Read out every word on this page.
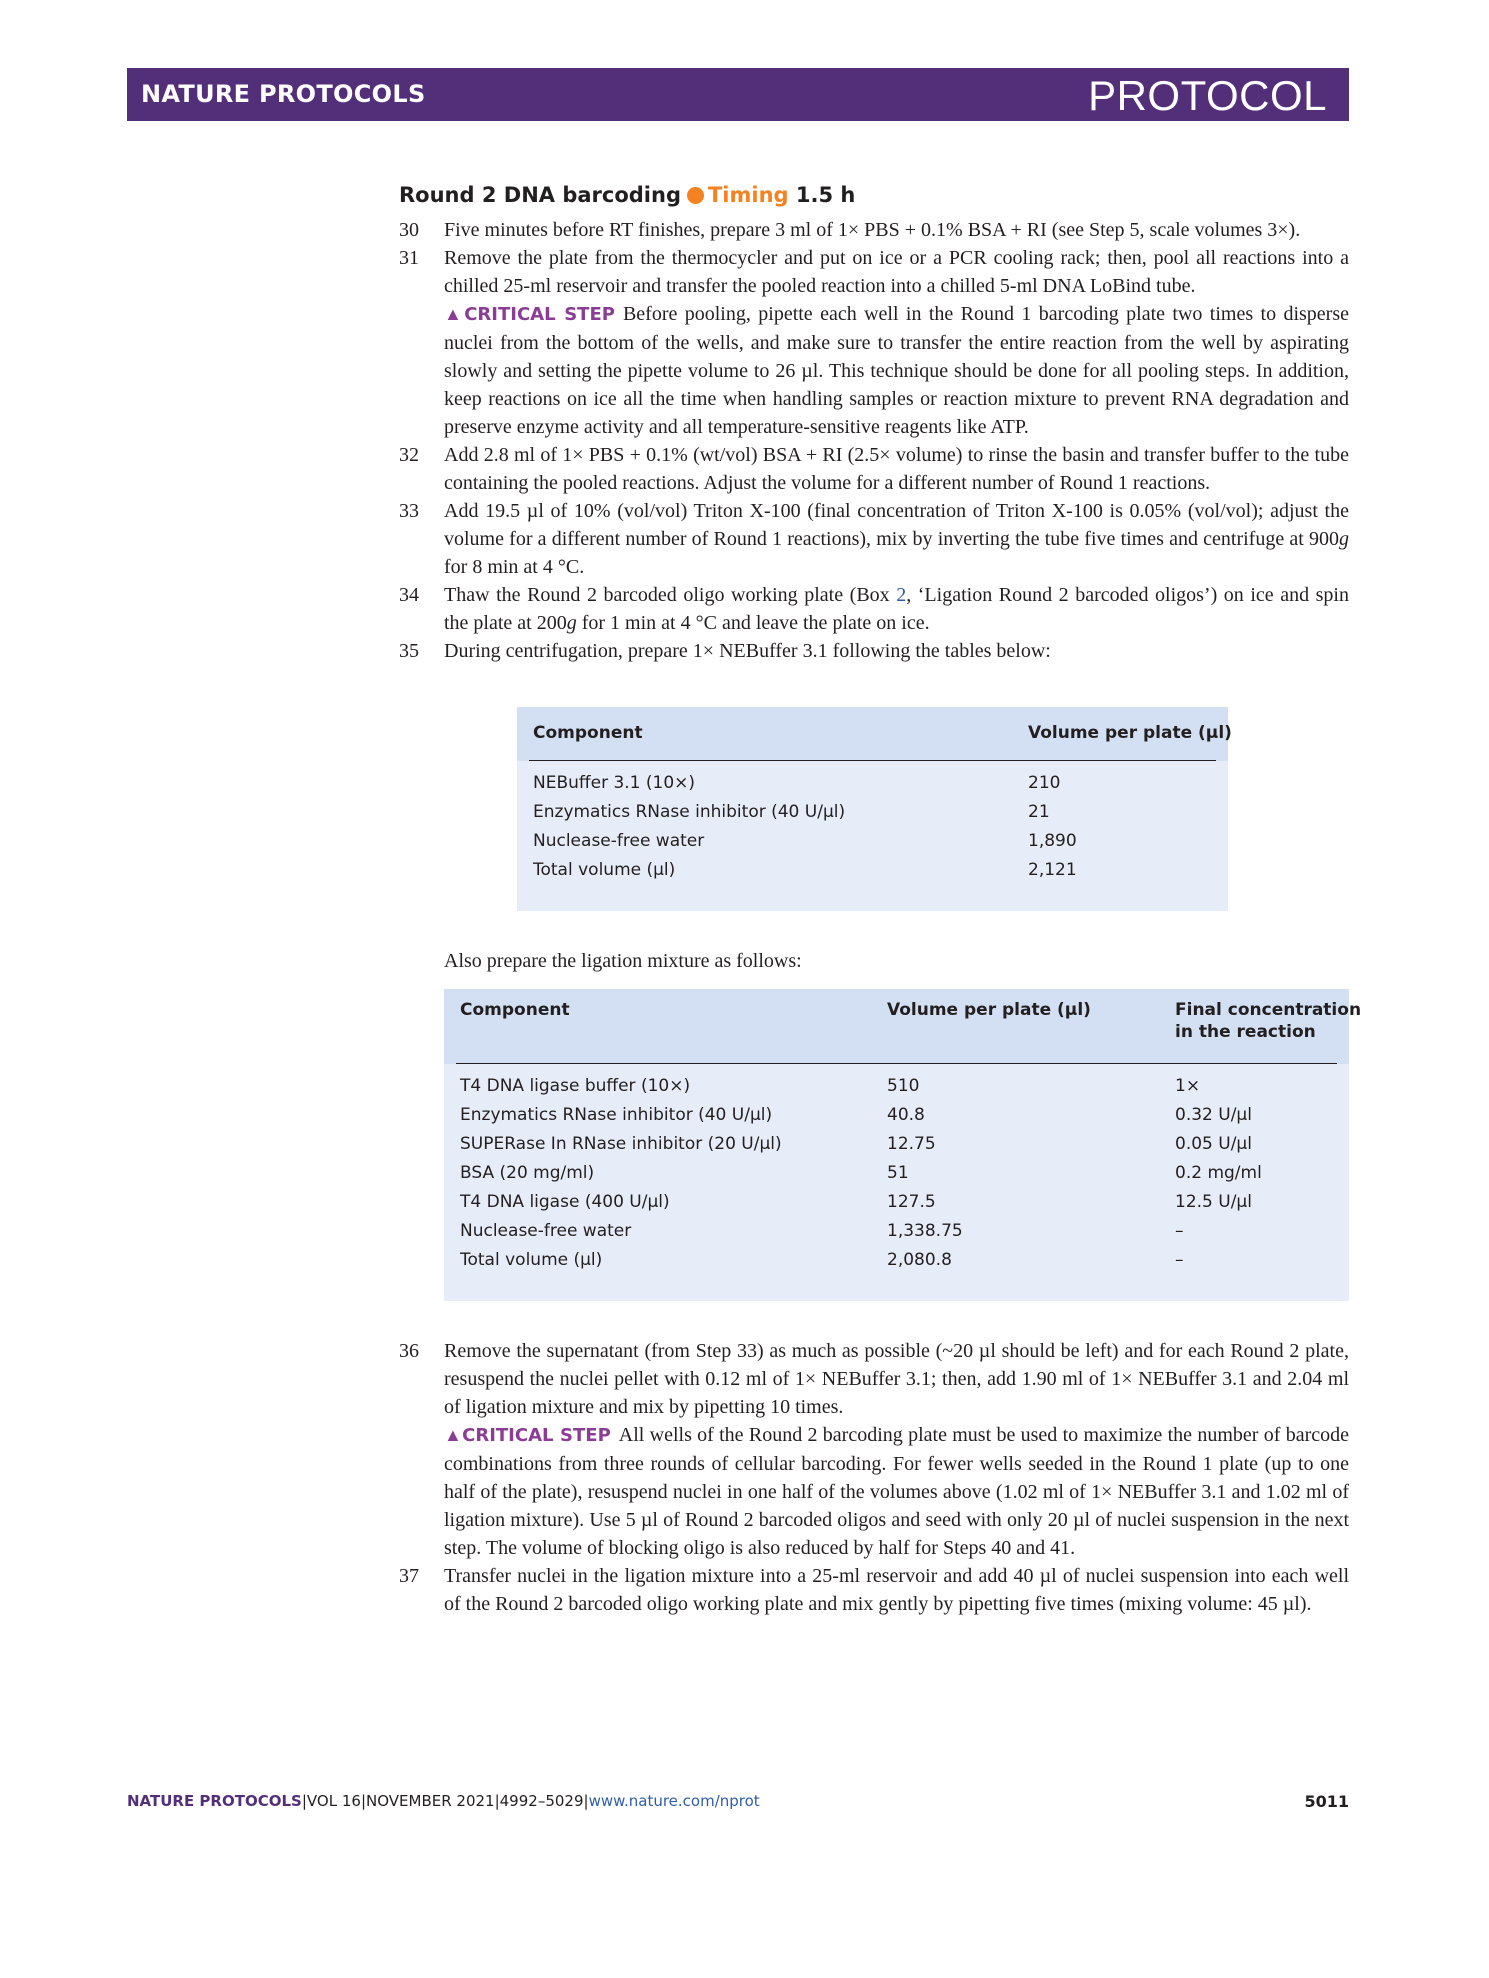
NATURE PROTOCOLS	PROTOCOL
Round 2 DNA barcoding Timing 1.5 h
30 Five minutes before RT finishes, prepare 3 ml of 1× PBS + 0.1% BSA + RI (see Step 5, scale volumes 3×).

31 Remove the plate from the thermocycler and put on ice or a PCR cooling rack; then, pool all reactions into a chilled 25-ml reservoir and transfer the pooled reaction into a chilled 5-ml DNA LoBind tube.

▲CRITICAL STEP Before pooling, pipette each well in the Round 1 barcoding plate two times to disperse nuclei from the bottom of the wells, and make sure to transfer the entire reaction from the well by aspirating slowly and setting the pipette volume to 26 µl. This technique should be done for all pooling steps. In addition, keep reactions on ice all the time when handling samples or reaction mixture to prevent RNA degradation and preserve enzyme activity and all temperature-sensitive reagents like ATP.

32 Add 2.8 ml of 1× PBS + 0.1% (wt/vol) BSA + RI (2.5× volume) to rinse the basin and transfer buffer to the tube containing the pooled reactions. Adjust the volume for a different number of Round 1 reactions.

33 Add 19.5 µl of 10% (vol/vol) Triton X-100 (final concentration of Triton X-100 is 0.05% (vol/vol); adjust the volume for a different number of Round 1 reactions), mix by inverting the tube five times and centrifuge at 900g for 8 min at 4 °C.

34 Thaw the Round 2 barcoded oligo working plate (Box 2, ‘Ligation Round 2 barcoded oligos’) on ice and spin the plate at 200g for 1 min at 4 °C and leave the plate on ice.

35 During centrifugation, prepare 1× NEBuffer 3.1 following the tables below:

Component	Volume per plate (µl)
NEBuffer 3.1 (10×)	210
Enzymatics RNase inhibitor (40 U/µl)	21
Nuclease-free water	1,890
Total volume (µl)	2,121

Also prepare the ligation mixture as follows:

Component	Volume per plate (µl)	Final concentration
in the reaction
T4 DNA ligase buffer (10×)	510	1×
Enzymatics RNase inhibitor (40 U/µl)	40.8	0.32 U/µl
SUPERase In RNase inhibitor (20 U/µl)	12.75	0.05 U/µl
BSA (20 mg/ml)	51	0.2 mg/ml
T4 DNA ligase (400 U/µl)	127.5	12.5 U/µl
Nuclease-free water	1,338.75	–
Total volume (µl)	2,080.8	–
36 Remove the supernatant (from Step 33) as much as possible (~20 µl should be left) and for each Round 2 plate, resuspend the nuclei pellet with 0.12 ml of 1× NEBuffer 3.1; then, add 1.90 ml of 1× NEBuffer 3.1 and 2.04 ml of ligation mixture and mix by pipetting 10 times.

▲CRITICAL STEP All wells of the Round 2 barcoding plate must be used to maximize the number of barcode combinations from three rounds of cellular barcoding. For fewer wells seeded in the Round 1 plate (up to one half of the plate), resuspend nuclei in one half of the volumes above (1.02 ml of 1× NEBuffer 3.1 and 1.02 ml of ligation mixture). Use 5 µl of Round 2 barcoded oligos and seed with only 20 µl of nuclei suspension in the next step. The volume of blocking oligo is also reduced by half for Steps 40 and 41.

37 Transfer nuclei in the ligation mixture into a 25-ml reservoir and add 40 µl of nuclei suspension into each well of the Round 2 barcoded oligo working plate and mix gently by pipetting five times (mixing volume: 45 µl).

NATURE PROTOCOLS|VOL 16|NOVEMBER 2021|4992–5029|www.nature.com/nprot	5011
